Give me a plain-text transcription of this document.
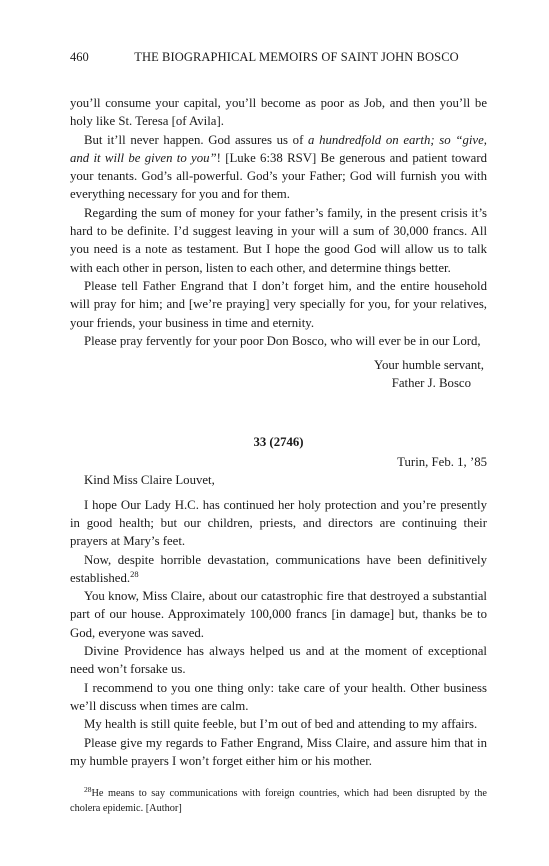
460	THE BIOGRAPHICAL MEMOIRS OF SAINT JOHN BOSCO

you’ll consume your capital, you’ll become as poor as Job, and then you’ll be holy like St. Teresa [of Avila].

But it’ll never happen. God assures us of a hundredfold on earth; so “give, and it will be given to you”! [Luke 6:38 RSV] Be generous and patient toward your tenants. God’s all-powerful. God’s your Father; God will furnish you with everything necessary for you and for them.

Regarding the sum of money for your father’s family, in the present crisis it’s hard to be definite. I’d suggest leaving in your will a sum of 30,000 francs. All you need is a note as testament. But I hope the good God will allow us to talk with each other in person, listen to each other, and determine things better.

Please tell Father Engrand that I don’t forget him, and the entire household will pray for him; and [we’re praying] very specially for you, for your relatives, your friends, your business in time and eternity.

Please pray fervently for your poor Don Bosco, who will ever be in our Lord,

Your humble servant,
Father J. Bosco
33 (2746)
Turin, Feb. 1, ’85

Kind Miss Claire Louvet,

I hope Our Lady H.C. has continued her holy protection and you’re presently in good health; but our children, priests, and directors are continuing their prayers at Mary’s feet.

Now, despite horrible devastation, communications have been definitively established.$^{28}$

You know, Miss Claire, about our catastrophic fire that destroyed a substantial part of our house. Approximately 100,000 francs [in damage] but, thanks be to God, everyone was saved.

Divine Providence has always helped us and at the moment of exceptional need won’t forsake us.

I recommend to you one thing only: take care of your health. Other business we’ll discuss when times are calm.

My health is still quite feeble, but I’m out of bed and attending to my affairs.

Please give my regards to Father Engrand, Miss Claire, and assure him that in my humble prayers I won’t forget either him or his mother.

$^{28}$He means to say communications with foreign countries, which had been disrupted by the cholera epidemic. [Author]
